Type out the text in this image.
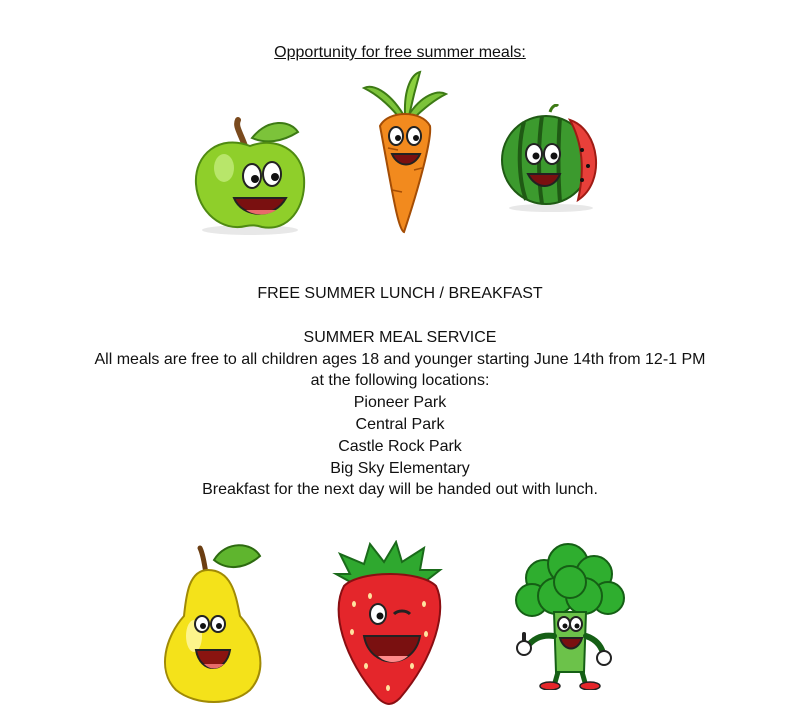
Opportunity for free summer meals:
FREE SUMMER LUNCH / BREAKFAST
SUMMER MEAL SERVICE
All meals are free to all children ages 18 and younger starting June 14th from 12-1 PM
at the following locations:
Pioneer Park
Central Park
Castle Rock Park
Big Sky Elementary
Breakfast for the next day will be handed out with lunch.
